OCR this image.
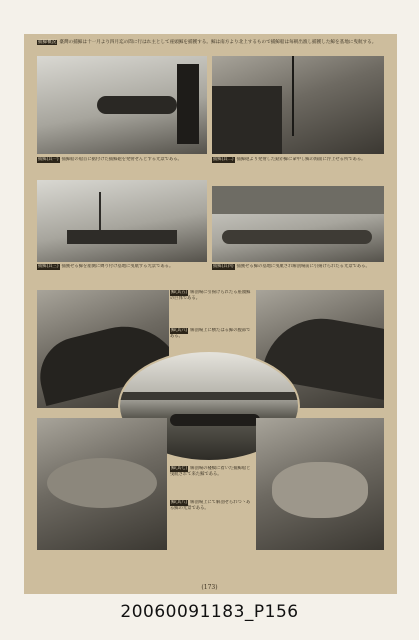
捕鯨概況 臺灣の捕鯨は十一月より四月迄の間に行はれ主として座頭鯨を捕獲する。鯨は南方より北上するもので捕鯨船は毎朝出漁し捕獲した鯨を基地に曳航する。
捕鯨(其一) 捕鯨船の船首に据付けた捕鯨砲を発射せんとする光景である。	捕鯨(其二) 捕鯨砲より発射した銛が鯨に命中し鯨の海面に浮上せる所である。
捕鯨(其三) 捕獲せる鯨を船側に縛り付け基地に曳航する光景である。	捕鯨(其四) 捕獲せる鯨の基地に曳航され解剖場前に引揚げられたる光景である。
鯨(其五) 解剖場に引揚げられたる座頭鯨の巨体である。
鯨(其六) 解剖場上に横たはる鯨の腹部である。
鯨(其七) 解剖場の棧橋に着いた捕鯨船と曳航されて来た鯨である。
鯨(其八) 解剖場上にて解剖せられつゝある鯨の光景である。
(173)
20060091183_P156
